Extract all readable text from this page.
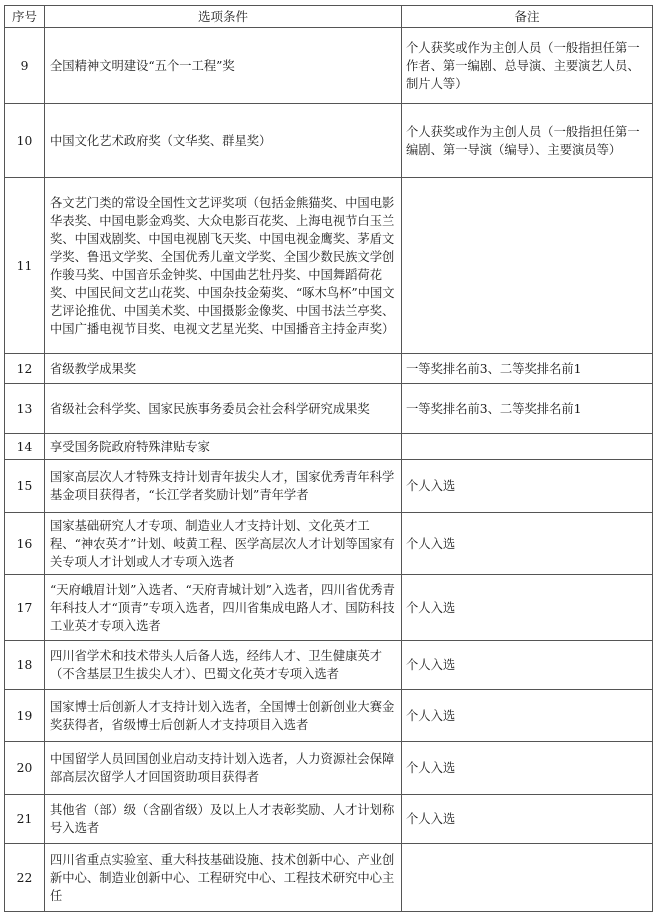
序号	选项条件	备注
9	全国精神文明建设“五个一工程”奖	个人获奖或作为主创人员（一般指担任第一作者、第一编剧、总导演、主要演艺人员、制片人等）
10	中国文化艺术政府奖（文华奖、群星奖）	个人获奖或作为主创人员（一般指担任第一编剧、第一导演（编导）、主要演员等）
11	各文艺门类的常设全国性文艺评奖项（包括金熊猫奖、中国电影华表奖、中国电影金鸡奖、大众电影百花奖、上海电视节白玉兰奖、中国戏剧奖、中国电视剧飞天奖、中国电视金鹰奖、茅盾文学奖、鲁迅文学奖、全国优秀儿童文学奖、全国少数民族文学创作骏马奖、中国音乐金钟奖、中国曲艺牡丹奖、中国舞蹈荷花奖、中国民间文艺山花奖、中国杂技金菊奖、“啄木鸟杯”中国文艺评论推优、中国美术奖、中国摄影金像奖、中国书法兰亭奖、中国广播电视节目奖、电视文艺星光奖、中国播音主持金声奖）	
12	省级教学成果奖	一等奖排名前3、二等奖排名前1
13	省级社会科学奖、国家民族事务委员会社会科学研究成果奖	一等奖排名前3、二等奖排名前1
14	享受国务院政府特殊津贴专家	
15	国家高层次人才特殊支持计划青年拔尖人才，国家优秀青年科学基金项目获得者，“长江学者奖励计划”青年学者	个人入选
16	国家基础研究人才专项、制造业人才支持计划、文化英才工程、“神农英才”计划、岐黄工程、医学高层次人才计划等国家有关专项人才计划或人才专项入选者	个人入选
17	“天府峨眉计划”入选者、“天府青城计划”入选者，四川省优秀青年科技人才“顶青”专项入选者，四川省集成电路人才、国防科技工业英才专项入选者	个人入选
18	四川省学术和技术带头人后备人选，经纬人才、卫生健康英才（不含基层卫生拔尖人才）、巴蜀文化英才专项入选者	个人入选
19	国家博士后创新人才支持计划入选者，全国博士创新创业大赛金奖获得者，省级博士后创新人才支持项目入选者	个人入选
20	中国留学人员回国创业启动支持计划入选者，人力资源社会保障部高层次留学人才回国资助项目获得者	个人入选
21	其他省（部）级（含副省级）及以上人才表彰奖励、人才计划称号入选者	个人入选
22	四川省重点实验室、重大科技基础设施、技术创新中心、产业创新中心、制造业创新中心、工程研究中心、工程技术研究中心主任	
